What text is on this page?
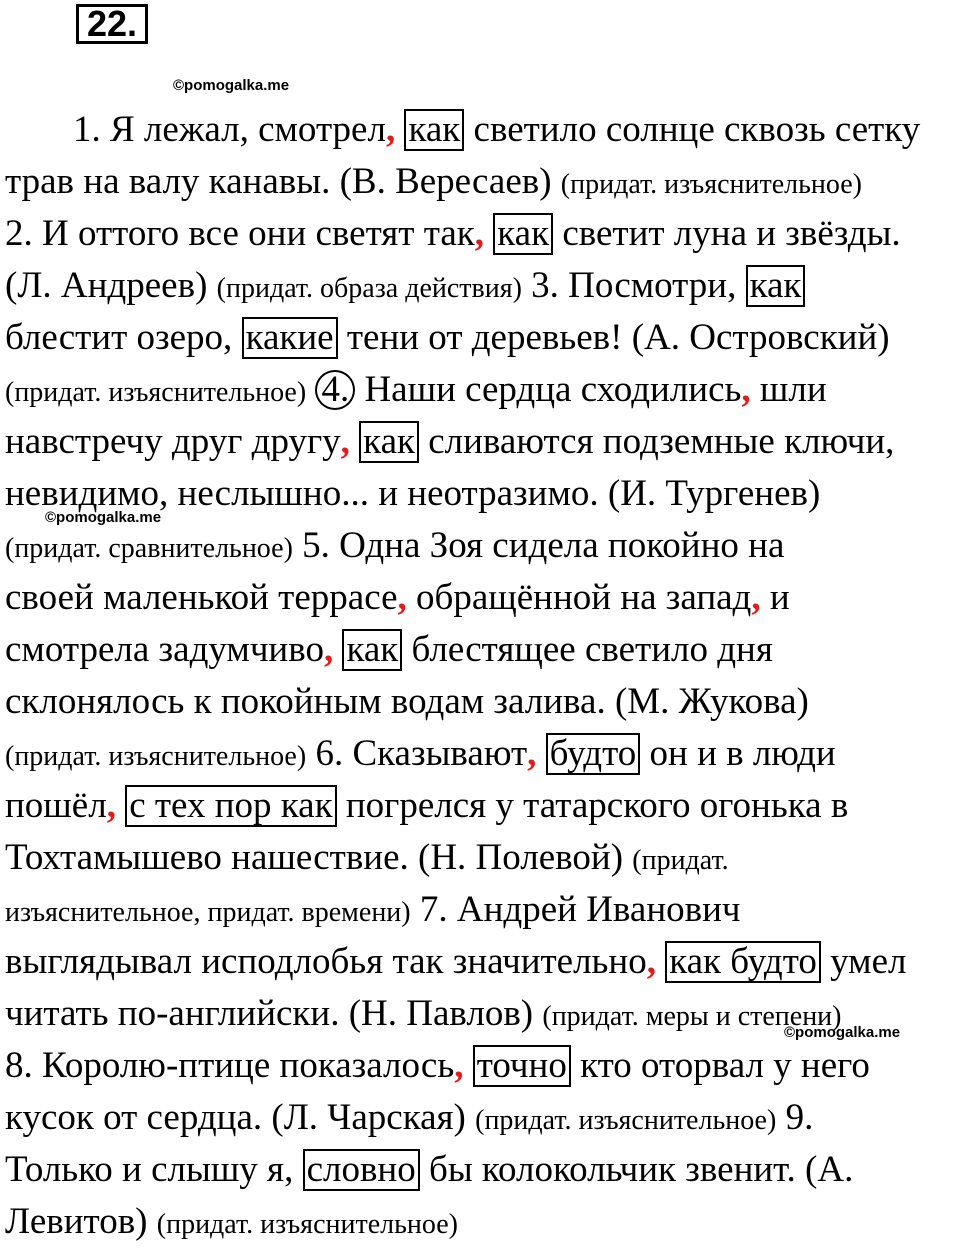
22.
©pomogalka.me
©pomogalka.me
©pomogalka.me
1. Я лежал, смотрел, как светило солнце сквозь сетку
трав на валу канавы. (В. Вересаев) (придат. изъяснительное)
2. И оттого все они светят так, как светит луна и звёзды.
(Л. Андреев) (придат. образа действия) 3. Посмотри, как
блестит озеро, какие тени от деревьев! (А. Островский)
(придат. изъяснительное) 4. Наши сердца сходились, шли
навстречу друг другу, как сливаются подземные ключи,
невидимо, неслышно... и неотразимо. (И. Тургенев)
(придат. сравнительное) 5. Одна Зоя сидела покойно на
своей маленькой террасе, обращённой на запад, и
смотрела задумчиво, как блестящее светило дня
склонялось к покойным водам залива. (М. Жукова)
(придат. изъяснительное) 6. Сказывают, будто он и в люди
пошёл, с тех пор как погрелся у татарского огонька в
Тохтамышево нашествие. (Н. Полевой) (придат.
изъяснительное, придат. времени) 7. Андрей Иванович
выглядывал исподлобья так значительно, как будто умел
читать по-английски. (Н. Павлов) (придат. меры и степени)
8. Королю-птице показалось, точно кто оторвал у него
кусок от сердца. (Л. Чарская) (придат. изъяснительное) 9.
Только и слышу я, словно бы колокольчик звенит. (А.
Левитов) (придат. изъяснительное)
